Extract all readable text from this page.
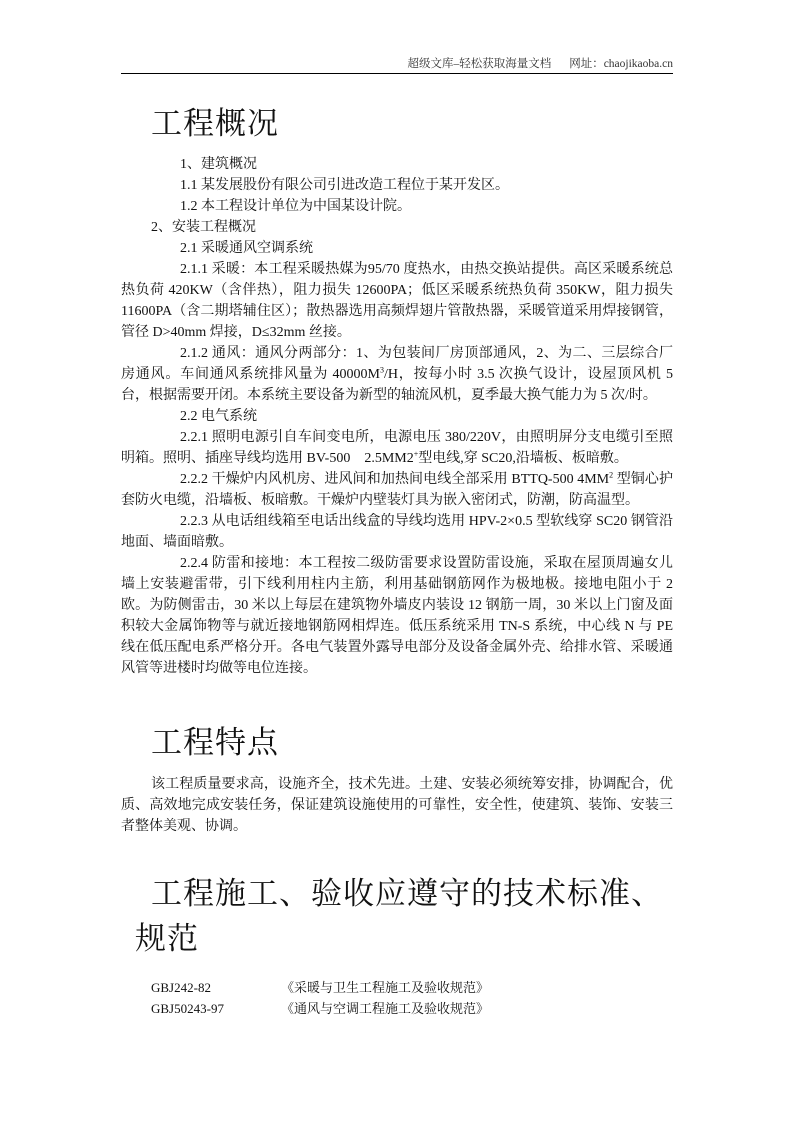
超级文库–轻松获取海量文档 网址：chaojikaoba.cn
工程概况

1、建筑概况

1.1 某发展股份有限公司引进改造工程位于某开发区。

1.2 本工程设计单位为中国某设计院。

2、安装工程概况

2.1 采暖通风空调系统

2.1.1 采暖：本工程采暖热媒为95/70 度热水，由热交换站提供。高区采暖系统总热负荷 420KW（含伴热），阻力损失 12600PA；低区采暖系统热负荷 350KW，阻力损失 11600PA（含二期塔辅住区）；散热器选用高频焊翅片管散热器，采暖管道采用焊接钢管，管径 D>40mm 焊接，D≤32mm 丝接。

2.1.2 通风：通风分两部分：1、为包装间厂房顶部通风，2、为二、三层综合厂房通风。车间通风系统排风量为 $40000M^3/H$，按每小时 3.5 次换气设计，设屋顶风机 5 台，根据需要开闭。本系统主要设备为新型的轴流风机，夏季最大换气能力为 5 次/时。

2.2 电气系统

2.2.1 照明电源引自车间变电所，电源电压 380/220V，由照明屏分支电缆引至照明箱。照明、插座导线均选用 BV-500　2.5MM2+型电线,穿 SC20,沿墙板、板暗敷。

2.2.2 干燥炉内风机房、进风间和加热间电线全部采用 BTTQ-500 $4MM^2$ 型铜心护套防火电缆，沿墙板、板暗敷。干燥炉内壁装灯具为嵌入密闭式，防潮，防高温型。

2.2.3 从电话组线箱至电话出线盒的导线均选用 HPV-2×0.5 型软线穿 SC20 钢管沿地面、墙面暗敷。

2.2.4 防雷和接地：本工程按二级防雷要求设置防雷设施，采取在屋顶周遍女儿墙上安装避雷带，引下线利用柱内主筋，利用基础钢筋网作为极地极。接地电阻小于 2 欧。为防侧雷击，30 米以上每层在建筑物外墙皮内装设 12 钢筋一周，30 米以上门窗及面积较大金属饰物等与就近接地钢筋网相焊连。低压系统采用 TN-S 系统，中心线 N 与 PE 线在低压配电系严格分开。各电气装置外露导电部分及设备金属外壳、给排水管、采暖通风管等进楼时均做等电位连接。

工程特点

该工程质量要求高，设施齐全，技术先进。土建、安装必须统筹安排，协调配合，优质、高效地完成安装任务，保证建筑设施使用的可靠性，安全性，使建筑、装饰、安装三者整体美观、协调。

工程施工、验收应遵守的技术标准、规范
GBJ242-82	《采暖与卫生工程施工及验收规范》
GBJ50243-97	《通风与空调工程施工及验收规范》
